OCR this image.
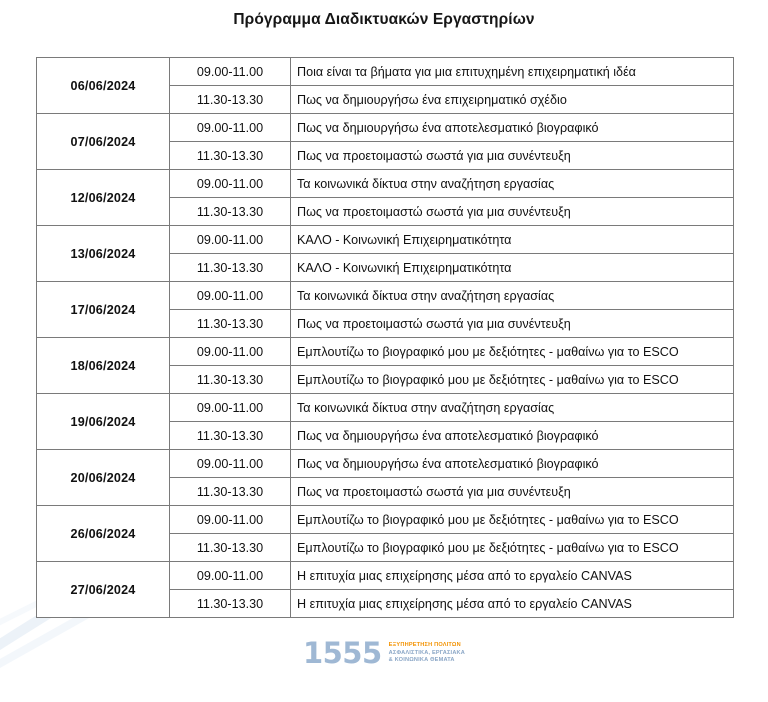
Πρόγραμμα Διαδικτυακών Εργαστηρίων
06/06/2024	09.00-11.00	Ποια είναι τα βήματα για μια επιτυχημένη επιχειρηματική ιδέα
	11.30-13.30	Πως να δημιουργήσω ένα επιχειρηματικό σχέδιο
07/06/2024	09.00-11.00	Πως να δημιουργήσω ένα αποτελεσματικό βιογραφικό
	11.30-13.30	Πως να προετοιμαστώ σωστά για μια συνέντευξη
12/06/2024	09.00-11.00	Τα κοινωνικά δίκτυα στην αναζήτηση εργασίας
	11.30-13.30	Πως να προετοιμαστώ σωστά για μια συνέντευξη
13/06/2024	09.00-11.00	ΚΑΛΟ - Κοινωνική Επιχειρηματικότητα
	11.30-13.30	ΚΑΛΟ - Κοινωνική Επιχειρηματικότητα
17/06/2024	09.00-11.00	Τα κοινωνικά δίκτυα στην αναζήτηση εργασίας
	11.30-13.30	Πως να προετοιμαστώ σωστά για μια συνέντευξη
18/06/2024	09.00-11.00	Εμπλουτίζω το βιογραφικό μου με δεξιότητες - μαθαίνω για το ESCO
	11.30-13.30	Εμπλουτίζω το βιογραφικό μου με δεξιότητες - μαθαίνω για το ESCO
19/06/2024	09.00-11.00	Τα κοινωνικά δίκτυα στην αναζήτηση εργασίας
	11.30-13.30	Πως να δημιουργήσω ένα αποτελεσματικό βιογραφικό
20/06/2024	09.00-11.00	Πως να δημιουργήσω ένα αποτελεσματικό βιογραφικό
	11.30-13.30	Πως να προετοιμαστώ σωστά για μια συνέντευξη
26/06/2024	09.00-11.00	Εμπλουτίζω το βιογραφικό μου με δεξιότητες - μαθαίνω για το ESCO
	11.30-13.30	Εμπλουτίζω το βιογραφικό μου με δεξιότητες - μαθαίνω για το ESCO
27/06/2024	09.00-11.00	Η επιτυχία μιας επιχείρησης μέσα από το εργαλείο CANVAS
	11.30-13.30	Η επιτυχία μιας επιχείρησης μέσα από το εργαλείο CANVAS
1555 ΕΞΥΠΗΡΕΤΗΣΗ ΠΟΛΙΤΩΝ
ΑΣΦΑΛΙΣΤΙΚΑ, ΕΡΓΑΣΙΑΚΑ
& ΚΟΙΝΩΝΙΚΑ ΘΕΜΑΤΑ
